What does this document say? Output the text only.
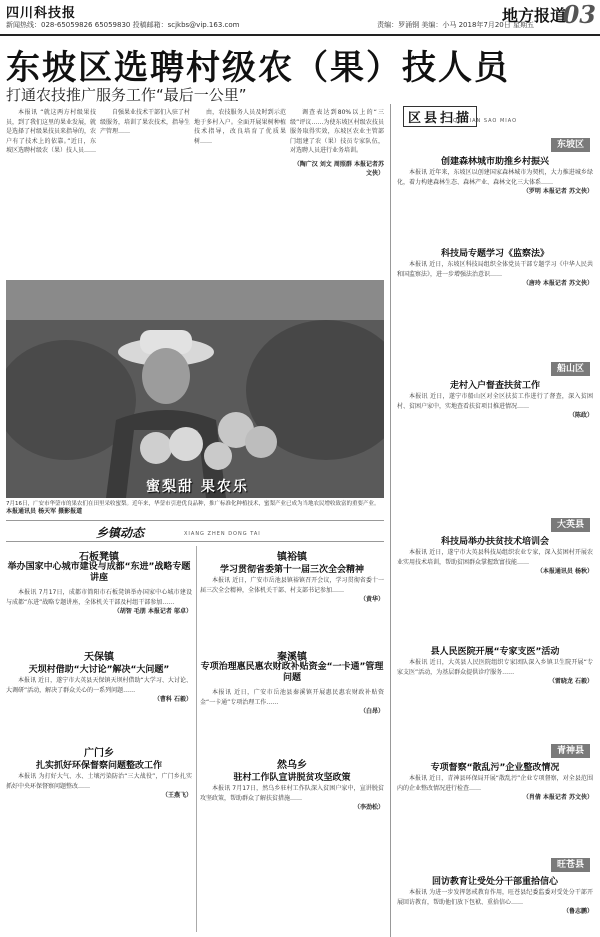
四川科技报
新闻热线：028-65059826 65059830 投稿邮箱：scjkbs@vip.163.com	责编：罗涌钢 美编：小马 2018年7月20日 星期五
地方报道
03
东坡区选聘村级农（果）技人员
打通农技推广服务工作“最后一公里”

本报讯 “就这两方村级果技员，到了我们这里的果业发展，就是选择了村级果技员来指导的，农户有了技术上的依靠。”近日，东坡区选聘村级农（果）技人员……

自强果业技术干部们入驻了村级服务，培训了果农技术，指导生产管理……

由，农技服务人员及时到示范地于多村入户。全面开展果树种植技术指导，改良培育了优质果树……

调查表达到80%以上的“三级”评议……为使东坡区村级农技员服务取得实效，东坡区农业主管部门组建了农（果）技员专家队伍，对选聘人员进行业务培训。

（陶广汉 刘文 周照群 本报记者苏文侠）
蜜梨甜 果农乐
7月16日，广安市华蓥市的果农们在田里采收蜜梨。近年来，华蓥市引进优良品种，推广标准化种植技术，蜜梨产业已成为当地农民增收致富的重要产业。 本报通讯员 杨天军 摄影报道
乡镇动态	XIANG ZHEN DONG TAI
石板凳镇
举办国家中心城市建设与成都“东进”战略专题讲座

本报讯 7月17日，成都市简阳市石板凳镇举办国家中心城市建设与成都“东进”战略专题讲座，全体机关干部及村组干部参加……

（胡智 毛朋 本报记者 邬卓）
天保镇
天坝村借助“大讨论”解决“大问题”

本报讯 近日，遂宁市大英县天保镇天坝村借助“大学习、大讨论、大调研”活动，解决了群众关心的一系列问题……

（曹科 石毅）
广门乡
扎实抓好环保督察问题整改工作

本报讯 为打好大气、水、土壤污染防治“三大战役”，广门乡扎实抓好中央环保督察问题整改……

（王燕飞）
镇裕镇
学习贯彻省委第十一届三次全会精神

本报讯 近日，广安市岳池县镇裕镇召开会议，学习贯彻省委十一届三次全会精神，全体机关干部、村支部书记参加……

（黄华）
秦溪镇
专项治理惠民惠农财政补贴资金“一卡通”管理问题

本报讯 近日，广安市岳池县秦溪镇开展惠民惠农财政补贴资金“一卡通”专项治理工作……

（白昂）
然乌乡
驻村工作队宣讲脱贫攻坚政策

本报讯 7月17日，然乌乡驻村工作队深入贫困户家中，宣讲脱贫攻坚政策，帮助群众了解扶贫措施……

（李劲松）
区县扫描
QU XIAN SAO MIAO
东坡区
创建森林城市助推乡村振兴

本报讯 近年来，东坡区以创建国家森林城市为契机，大力推进城乡绿化，着力构建森林生态、森林产业、森林文化三大体系……

（罗明 本报记者 苏文侠）
科技局专题学习《监察法》

本报讯 近日，东坡区科技局组织全体党员干部专题学习《中华人民共和国监察法》，进一步增强法治意识……

（唐玲 本报记者 苏文侠）
船山区
走村入户督查扶贫工作

本报讯 近日，遂宁市船山区对全区扶贫工作进行了督查，深入贫困村、贫困户家中，实地查看扶贫项目推进情况……

（陈政）
大英县
科技局举办扶贫技术培训会

本报讯 近日，遂宁市大英县科技局组织农业专家，深入贫困村开展农业实用技术培训，帮助贫困群众掌握致富技能……

（本报通讯员 杨秋）
县人民医院开展“专家支医”活动

本报讯 近日，大英县人民医院组织专家团队深入乡镇卫生院开展“专家支医”活动，为基层群众提供诊疗服务……

（雷晓龙 石毅）
青神县
专项督察“散乱污”企业整改情况

本报讯 近日，青神县环保局开展“散乱污”企业专项督察，对全县范围内的企业整改情况进行检查……

（肖倩 本报记者 苏文侠）
旺苍县
回访教育让受处分干部重拾信心

本报讯 为进一步发挥惩戒教育作用，旺苍县纪委监委对受处分干部开展回访教育，帮助他们放下包袱、重拾信心……

（鲁志鹏）
